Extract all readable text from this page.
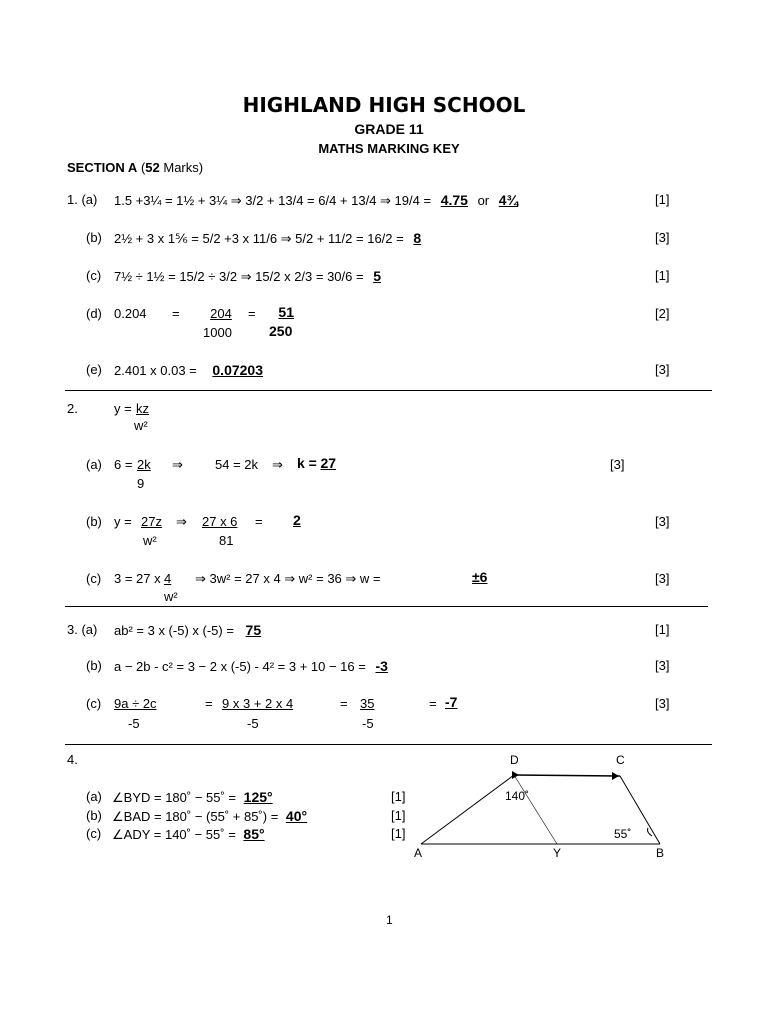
HIGHLAND HIGH SCHOOL
GRADE 11
MATHS MARKING KEY
SECTION A (52 Marks)
1. (a) 1.5 +3¼ = 1½ + 3¼ ⇒ 3/2 + 13/4 = 6/4 + 13/4 ⇒ 19/4 = 4.75 or 4¾	[1]
(b) 2½ + 3 x 1⅚ = 5/2 +3 x 11/6 ⇒ 5/2 + 11/2 = 16/2 = 8	[3]
(c) 7½ ÷ 1½ = 15/2 ÷ 3/2 ⇒ 15/2 x 2/3 = 30/6 = 5	[1]
(d) 0.204 =	204
1000
=	51
250
[2]
(e) 2.401 x 0.03 = 0.07203	[3]
2.	y = kz
w²
(a) 6 = 2k
9
⇒ 54 = 2k ⇒ k = 27	[3]
(b) y = 27z
w²
⇒ 27 x 6
81
= 2	[3]
(c) 3 = 27 x 4
w²
⇒ 3w² = 27 x 4 ⇒ w² = 36 ⇒ w =	±6	[3]
3. (a) ab² = 3 x (-5) x (-5) = 75	[1]
(b) a − 2b - c² = 3 − 2 x (-5) - 4² = 3 + 10 − 16 = -3	[3]
(c) 9a ÷ 2c
-5
= 9 x 3 + 2 x 4
-5
= 35
-5
= -7	[3]
4.
(a) ∠BYD = 180˚ − 55˚ = 125°	[1]
(b) ∠BAD = 180˚ − (55˚ + 85˚) = 40°	[1]
(c) ∠ADY = 140˚ − 55˚ = 85°	[1]
D	C
A	Y	B
140˚
55˚
1
